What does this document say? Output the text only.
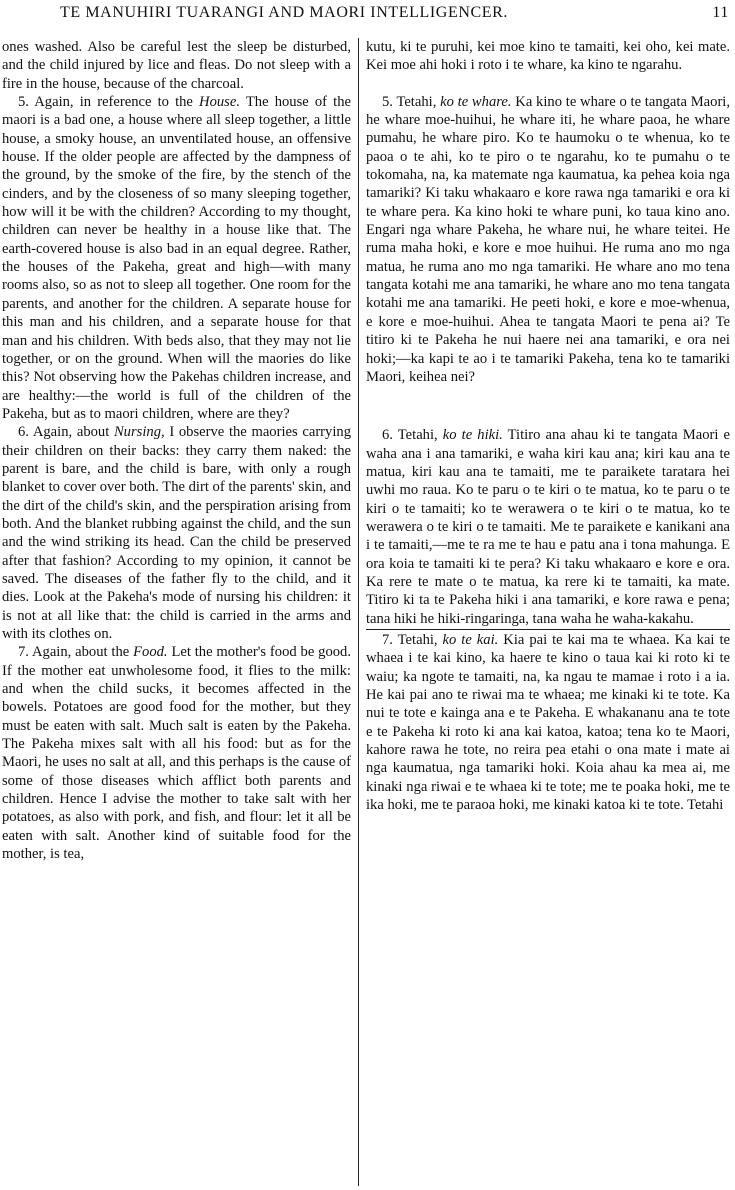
TE MANUHIRI TUARANGI AND MAORI INTELLIGENCER.	11

ones washed. Also be careful lest the sleep be disturbed, and the child injured by lice and fleas. Do not sleep with a fire in the house, because of the charcoal.

5. Again, in reference to the House. The house of the maori is a bad one, a house where all sleep together, a little house, a smoky house, an unventilated house, an offensive house. If the older people are affected by the dampness of the ground, by the smoke of the fire, by the stench of the cinders, and by the closeness of so many sleeping together, how will it be with the children? According to my thought, children can never be healthy in a house like that. The earth-covered house is also bad in an equal degree. Rather, the houses of the Pakeha, great and high—with many rooms also, so as not to sleep all together. One room for the parents, and another for the children. A separate house for this man and his children, and a separate house for that man and his children. With beds also, that they may not lie together, or on the ground. When will the maories do like this? Not observing how the Pakehas children increase, and are healthy:—the world is full of the children of the Pakeha, but as to maori children, where are they?

6. Again, about Nursing, I observe the maories carrying their children on their backs: they carry them naked: the parent is bare, and the child is bare, with only a rough blanket to cover over both. The dirt of the parents' skin, and the dirt of the child's skin, and the perspiration arising from both. And the blanket rubbing against the child, and the sun and the wind striking its head. Can the child be preserved after that fashion? According to my opinion, it cannot be saved. The diseases of the father fly to the child, and it dies. Look at the Pakeha's mode of nursing his children: it is not at all like that: the child is carried in the arms and with its clothes on.

7. Again, about the Food. Let the mother's food be good. If the mother eat unwholesome food, it flies to the milk: and when the child sucks, it becomes affected in the bowels. Potatoes are good food for the mother, but they must be eaten with salt. Much salt is eaten by the Pakeha. The Pakeha mixes salt with all his food: but as for the Maori, he uses no salt at all, and this perhaps is the cause of some of those diseases which afflict both parents and children. Hence I advise the mother to take salt with her potatoes, as also with pork, and fish, and flour: let it all be eaten with salt. Another kind of suitable food for the mother, is tea,

kutu, ki te puruhi, kei moe kino te tamaiti, kei oho, kei mate. Kei moe ahi hoki i roto i te whare, ka kino te ngarahu.

5. Tetahi, ko te whare. Ka kino te whare o te tangata Maori, he whare moe-huihui, he whare iti, he whare paoa, he whare pumahu, he whare piro. Ko te haumoku o te whenua, ko te paoa o te ahi, ko te piro o te ngarahu, ko te pumahu o te tokomaha, na, ka matemate nga kaumatua, ka pehea koia nga tamariki? Ki taku whakaaro e kore rawa nga tamariki e ora ki te whare pera. Ka kino hoki te whare puni, ko taua kino ano. Engari nga whare Pakeha, he whare nui, he whare teitei. He ruma maha hoki, e kore e moe huihui. He ruma ano mo nga matua, he ruma ano mo nga tamariki. He whare ano mo tena tangata kotahi me ana tamariki, he whare ano mo tena tangata kotahi me ana tamariki. He peeti hoki, e kore e moe-whenua, e kore e moe-huihui. Ahea te tangata Maori te pena ai? Te titiro ki te Pakeha he nui haere nei ana tamariki, e ora nei hoki;—ka kapi te ao i te tamariki Pakeha, tena ko te tamariki Maori, keihea nei?

6. Tetahi, ko te hiki. Titiro ana ahau ki te tangata Maori e waha ana i ana tamariki, e waha kiri kau ana; kiri kau ana te matua, kiri kau ana te tamaiti, me te paraikete taratara hei uwhi mo raua. Ko te paru o te kiri o te matua, ko te paru o te kiri o te tamaiti; ko te werawera o te kiri o te matua, ko te werawera o te kiri o te tamaiti. Me te paraikete e kanikani ana i te tamaiti,—me te ra me te hau e patu ana i tona mahunga. E ora koia te tamaiti ki te pera? Ki taku whakaaro e kore e ora. Ka rere te mate o te matua, ka rere ki te tamaiti, ka mate. Titiro ki ta te Pakeha hiki i ana tamariki, e kore rawa e pena; tana hiki he hiki-ringaringa, tana waha he waha-kakahu.

7. Tetahi, ko te kai. Kia pai te kai ma te whaea. Ka kai te whaea i te kai kino, ka haere te kino o taua kai ki roto ki te waiu; ka ngote te tamaiti, na, ka ngau te mamae i roto i a ia. He kai pai ano te riwai ma te whaea; me kinaki ki te tote. Ka nui te tote e kainga ana e te Pakeha. E whakananu ana te tote e te Pakeha ki roto ki ana kai katoa, katoa; tena ko te Maori, kahore rawa he tote, no reira pea etahi o ona mate i mate ai nga kaumatua, nga tamariki hoki. Koia ahau ka mea ai, me kinaki nga riwai e te whaea ki te tote; me te poaka hoki, me te ika hoki, me te paraoa hoki, me kinaki katoa ki te tote. Tetahi
